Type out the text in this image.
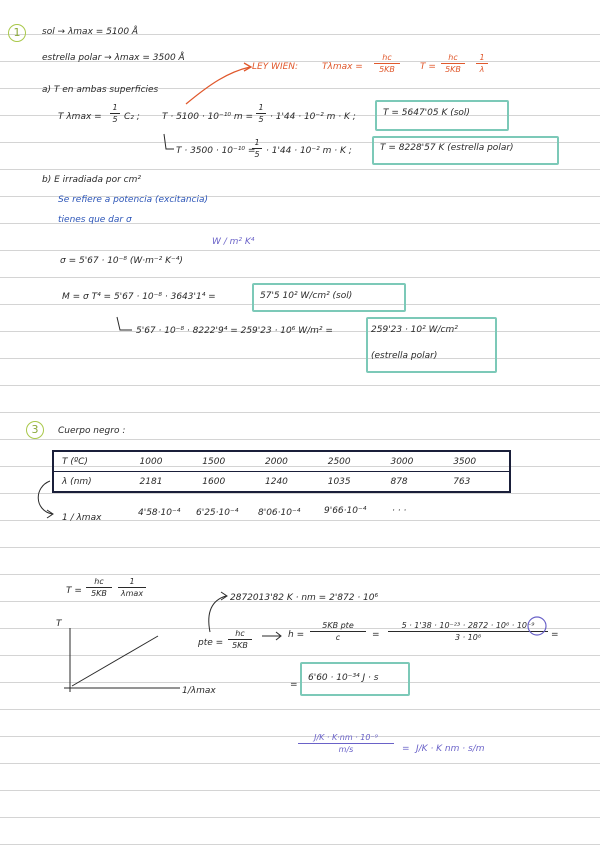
1	sol → λmax = 5100 Å
estrella polar → λmax = 3500 Å
LEY WIEN:	$T\lambda\max = \frac{hc}{5KB}$ $T = \frac{hc}{5KB} \frac{1}{\lambda}$
a) T en ambas superficies
T $\lambda\max = \frac{1}{5} C_2$ ; T · 5100 · 10⁻¹⁰ $m = \frac{1}{5} \cdot 1'44 \cdot 10^{-2}$ m · K ;	T = 5647'05 K (sol)
T · 3500 · 10⁻¹⁰ =
$\frac{1}{5} \cdot 1'44 \cdot 10^{-2}$ m · K ;	T = 8228'57 K (estrella polar)
b) E irradiada por cm²
Se refiere a potencia (excitancia)
tienes que dar σ
W / m² K⁴
σ = 5'67 · 10⁻⁸ (W·m⁻² K⁻⁴)
M = σ T⁴ = 5'67 · 10⁻⁸ · 3643'1⁴ =	57'5 10² W/cm² (sol)
5'67 · 10⁻⁸ · 8222'9⁴ = 259'23 · 10⁶ W/m² =	259'23 · 10² W/cm²
(estrella polar)
3	Cuerpo negro :
T (ºC)	1000	1500	2000	2500	3000	3500
λ (nm)	2181	1600	1240	1035	878	763
1 / λmax	4'58·10⁻⁴ 6'25·10⁻⁴ 8'06·10⁻⁴	9'66·10⁻⁴	· · ·
$T = \frac{hc}{5KB}$	1
λmax
T
1/λmax
2872013'82 K · nm = 2'872 · 10⁶
pte = $\frac{hc}{5KB}$	h =
5KB pte
c	= $\frac{\text{5 · 1'38 · 10⁻²³ · 2872 · 10⁶ · 10⁻⁹}}{\text{3 · 10⁸}}$ =
=
6'60 · 10⁻³⁴ J · s
$\frac{\text{J/K · K·nm · 10⁻⁹}}{m/s} = J/K \cdot K$ nm · s/m
